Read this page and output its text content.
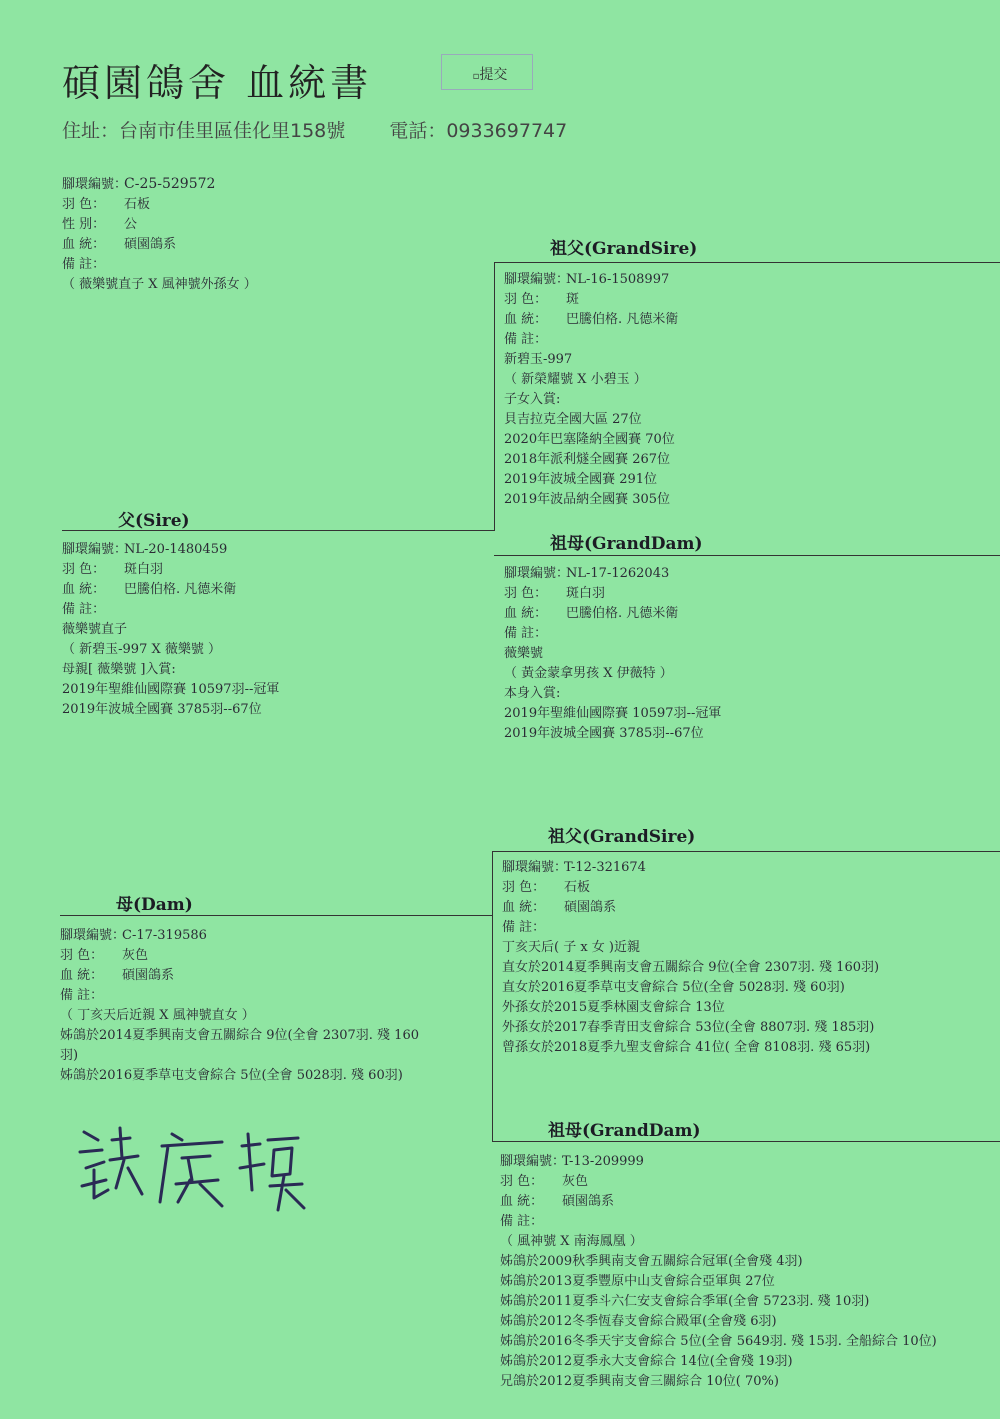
碩園鴿舍 血統書	▫提交
住址：台南市佳里區佳化里158號 電話：0933697747
腳環編號：C-25-529572
羽 色： 石板
性 別： 公
血 統： 碩園鴿系
備 註：
（ 薇樂號直子 X 風神號外孫女 ）
祖父(GrandSire)
腳環編號：NL-16-1508997
羽 色： 斑
血 統： 巴騰伯格. 凡德米衛
備 註：
新碧玉-997
（ 新榮耀號 X 小碧玉 ）
子女入賞:
貝吉拉克全國大區 27位
2020年巴塞隆納全國賽 70位
2018年派利燧全國賽 267位
2019年波城全國賽 291位
2019年波品納全國賽 305位
父(Sire)
腳環編號：NL-20-1480459
羽 色： 斑白羽
血 統： 巴騰伯格. 凡德米衛
備 註：
薇樂號直子
（ 新碧玉-997 X 薇樂號 ）
母親[ 薇樂號 ]入賞:
2019年聖維仙國際賽 10597羽--冠軍
2019年波城全國賽 3785羽--67位
祖母(GrandDam)
腳環編號：NL-17-1262043
羽 色： 斑白羽
血 統： 巴騰伯格. 凡德米衛
備 註：
薇樂號
（ 黃金蒙拿男孩 X 伊薇特 ）
本身入賞:
2019年聖維仙國際賽 10597羽--冠軍
2019年波城全國賽 3785羽--67位
祖父(GrandSire)
腳環編號：T-12-321674
羽 色： 石板
血 統： 碩園鴿系
備 註：
丁亥天后( 子 x 女 )近親
直女於2014夏季興南支會五關綜合 9位(全會 2307羽. 殘 160羽)
直女於2016夏季草屯支會綜合 5位(全會 5028羽. 殘 60羽)
外孫女於2015夏季林園支會綜合 13位
外孫女於2017春季青田支會綜合 53位(全會 8807羽. 殘 185羽)
曾孫女於2018夏季九聖支會綜合 41位( 全會 8108羽. 殘 65羽)
母(Dam)
腳環編號：C-17-319586
羽 色： 灰色
血 統： 碩園鴿系
備 註：
（ 丁亥天后近親 X 風神號直女 ）
姊鴿於2014夏季興南支會五關綜合 9位(全會 2307羽. 殘 160
羽)
姊鴿於2016夏季草屯支會綜合 5位(全會 5028羽. 殘 60羽)
祖母(GrandDam)
腳環編號：T-13-209999
羽 色： 灰色
血 統： 碩園鴿系
備 註：
（ 風神號 X 南海鳳凰 ）
姊鴿於2009秋季興南支會五關綜合冠軍(全會殘 4羽)
姊鴿於2013夏季豐原中山支會綜合亞軍與 27位
姊鴿於2011夏季斗六仁安支會綜合季軍(全會 5723羽. 殘 10羽)
姊鴿於2012冬季恆春支會綜合殿軍(全會殘 6羽)
姊鴿於2016冬季天宇支會綜合 5位(全會 5649羽. 殘 15羽. 全船綜合 10位)
姊鴿於2012夏季永大支會綜合 14位(全會殘 19羽)
兄鴿於2012夏季興南支會三關綜合 10位( 70%)
